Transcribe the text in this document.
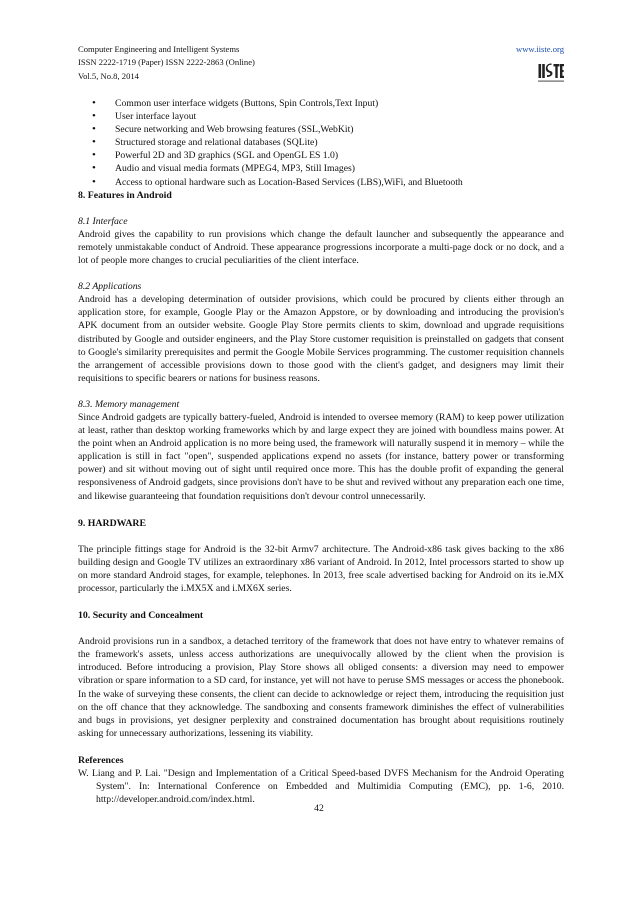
Computer Engineering and Intelligent Systems
ISSN 2222-1719 (Paper) ISSN 2222-2863 (Online)
Vol.5, No.8, 2014
www.iiste.org
• Common user interface widgets (Buttons, Spin Controls,Text Input)
• User interface layout
• Secure networking and Web browsing features (SSL,WebKit)
• Structured storage and relational databases (SQLite)
• Powerful 2D and 3D graphics (SGL and OpenGL ES 1.0)
• Audio and visual media formats (MPEG4, MP3, Still Images)
• Access to optional hardware such as Location-Based Services (LBS),WiFi, and Bluetooth
8. Features in Android
8.1 Interface

Android gives the capability to run provisions which change the default launcher and subsequently the appearance and remotely unmistakable conduct of Android. These appearance progressions incorporate a multi-page dock or no dock, and a lot of people more changes to crucial peculiarities of the client interface.

8.2 Applications

Android has a developing determination of outsider provisions, which could be procured by clients either through an application store, for example, Google Play or the Amazon Appstore, or by downloading and introducing the provision's APK document from an outsider website. Google Play Store permits clients to skim, download and upgrade requisitions distributed by Google and outsider engineers, and the Play Store customer requisition is preinstalled on gadgets that consent to Google's similarity prerequisites and permit the Google Mobile Services programming. The customer requisition channels the arrangement of accessible provisions down to those good with the client's gadget, and designers may limit their requisitions to specific bearers or nations for business reasons.

8.3. Memory management

Since Android gadgets are typically battery-fueled, Android is intended to oversee memory (RAM) to keep power utilization at least, rather than desktop working frameworks which by and large expect they are joined with boundless mains power. At the point when an Android application is no more being used, the framework will naturally suspend it in memory – while the application is still in fact "open", suspended applications expend no assets (for instance, battery power or transforming power) and sit without moving out of sight until required once more. This has the double profit of expanding the general responsiveness of Android gadgets, since provisions don't have to be shut and revived without any preparation each one time, and likewise guaranteeing that foundation requisitions don't devour control unnecessarily.

9. HARDWARE

The principle fittings stage for Android is the 32-bit Armv7 architecture. The Android-x86 task gives backing to the x86 building design and Google TV utilizes an extraordinary x86 variant of Android. In 2012, Intel processors started to show up on more standard Android stages, for example, telephones. In 2013, free scale advertised backing for Android on its ie.MX processor, particularly the i.MX5X and i.MX6X series.

10. Security and Concealment

Android provisions run in a sandbox, a detached territory of the framework that does not have entry to whatever remains of the framework's assets, unless access authorizations are unequivocally allowed by the client when the provision is introduced. Before introducing a provision, Play Store shows all obliged consents: a diversion may need to empower vibration or spare information to a SD card, for instance, yet will not have to peruse SMS messages or access the phonebook. In the wake of surveying these consents, the client can decide to acknowledge or reject them, introducing the requisition just on the off chance that they acknowledge. The sandboxing and consents framework diminishes the effect of vulnerabilities and bugs in provisions, yet designer perplexity and constrained documentation has brought about requisitions routinely asking for unnecessary authorizations, lessening its viability.

References

W. Liang and P. Lai. "Design and Implementation of a Critical Speed-based DVFS Mechanism for the Android Operating System". In: International Conference on Embedded and Multimidia Computing (EMC), pp. 1-6, 2010. http://developer.android.com/index.html.

42
